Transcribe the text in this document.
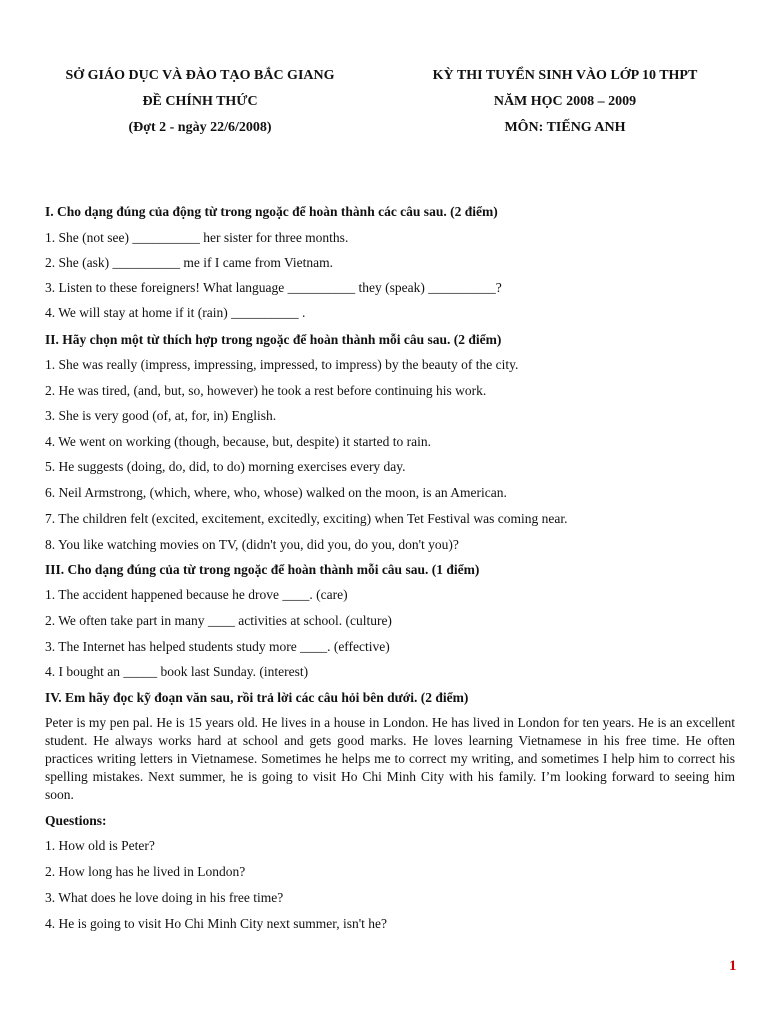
SỞ GIÁO DỤC VÀ ĐÀO TẠO BẮC GIANG
ĐỀ CHÍNH THỨC
(Đợt 2 - ngày 22/6/2008)
KỲ THI TUYỂN SINH VÀO LỚP 10 THPT
NĂM HỌC 2008 – 2009
MÔN: TIẾNG ANH
I. Cho dạng đúng của động từ trong ngoặc để hoàn thành các câu sau. (2 điểm)
1. She (not see) __________ her sister for three months.
2. She (ask) __________ me if I came from Vietnam.
3. Listen to these foreigners! What language __________ they (speak) __________?
4. We will stay at home if it (rain) __________ .
II. Hãy chọn một từ thích hợp trong ngoặc để hoàn thành mỗi câu sau. (2 điểm)
1. She was really (impress, impressing, impressed, to impress) by the beauty of the city.
2. He was tired, (and, but, so, however) he took a rest before continuing his work.
3. She is very good (of, at, for, in) English.
4. We went on working (though, because, but, despite) it started to rain.
5. He suggests (doing, do, did, to do) morning exercises every day.
6. Neil Armstrong, (which, where, who, whose) walked on the moon, is an American.
7. The children felt (excited, excitement, excitedly, exciting) when Tet Festival was coming near.
8. You like watching movies on TV, (didn't you, did you, do you, don't you)?
III. Cho dạng đúng của từ trong ngoặc để hoàn thành mỗi câu sau. (1 điểm)
1. The accident happened because he drove ____. (care)
2. We often take part in many ____ activities at school. (culture)
3. The Internet has helped students study more ____. (effective)
4. I bought an _____ book last Sunday. (interest)
IV. Em hãy đọc kỹ đoạn văn sau, rồi trả lời các câu hỏi bên dưới. (2 điểm)
Peter is my pen pal. He is 15 years old. He lives in a house in London. He has lived in London for ten years. He is an excellent student. He always works hard at school and gets good marks. He loves learning Vietnamese in his free time. He often practices writing letters in Vietnamese. Sometimes he helps me to correct my writing, and sometimes I help him to correct his spelling mistakes. Next summer, he is going to visit Ho Chi Minh City with his family. I’m looking forward to seeing him soon.
Questions:
1. How old is Peter?
2. How long has he lived in London?
3. What does he love doing in his free time?
4. He is going to visit Ho Chi Minh City next summer, isn't he?
1
